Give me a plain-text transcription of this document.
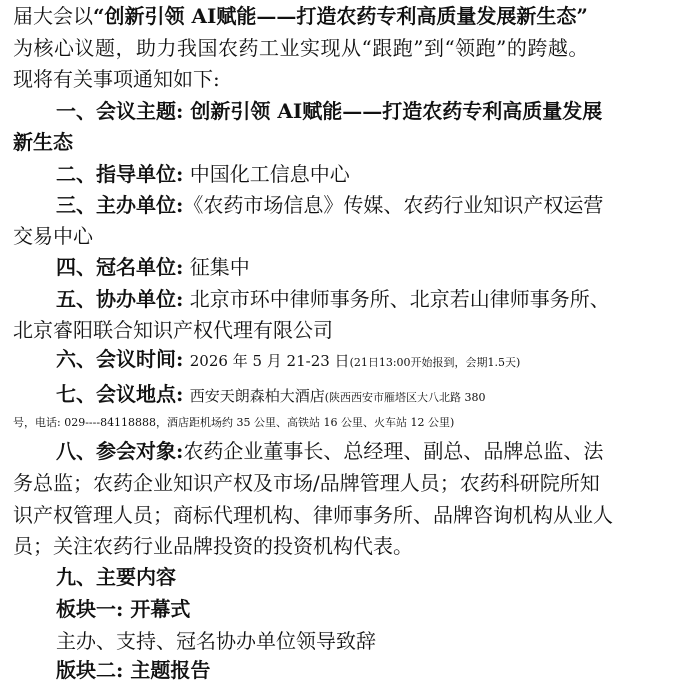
届大会以“创新引领 AI赋能——打造农药专利高质量发展新生态”
为核心议题，助力我国农药工业实现从“跟跑”到“领跑”的跨越。
现将有关事项通知如下:
一、会议主题: 创新引领 AI赋能——打造农药专利高质量发展
新生态
二、指导单位: 中国化工信息中心
三、主办单位:《农药市场信息》传媒、农药行业知识产权运营
交易中心
四、冠名单位: 征集中
五、协办单位: 北京市环中律师事务所、北京若山律师事务所、
北京睿阳联合知识产权代理有限公司
六、会议时间: 2026 年 5 月 21-23 日(21日13:00开始报到，会期1.5天)
七、会议地点: 西安天朗森柏大酒店(陕西西安市雁塔区大八北路 380
号，电话: 029----84118888，酒店距机场约 35 公里、高铁站 16 公里、火车站 12 公里)
八、参会对象:农药企业董事长、总经理、副总、品牌总监、法
务总监；农药企业知识产权及市场/品牌管理人员；农药科研院所知
识产权管理人员；商标代理机构、律师事务所、品牌咨询机构从业人
员；关注农药行业品牌投资的投资机构代表。
九、主要内容
板块一: 开幕式
主办、支持、冠名协办单位领导致辞
版块二: 主题报告
